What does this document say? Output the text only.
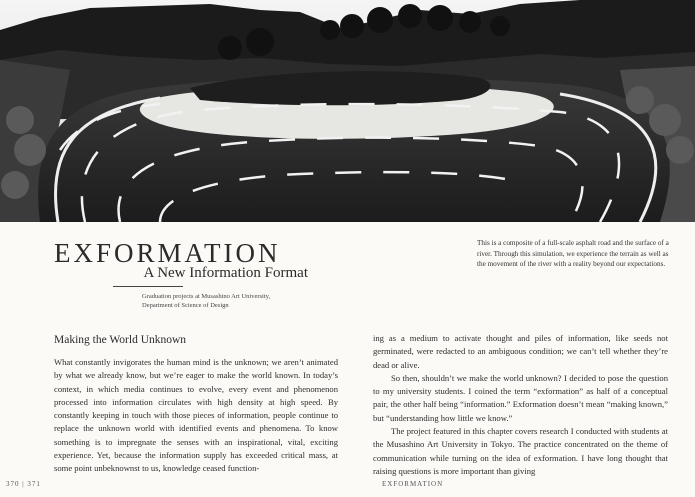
EXFORMATION
A New Information Format
Graduation projects at Musashino Art University,
Department of Science of Design
This is a composite of a full-scale asphalt road and the surface of a river. Through this simulation, we experience the terrain as well as the movement of the river with a reality beyond our expectations.
Making the World Unknown

What constantly invigorates the human mind is the unknown; we aren’t animated by what we already know, but we’re eager to make the world known. In today’s context, in which media continues to evolve, every event and phenomenon processed into information circulates with high density at high speed. By constantly keeping in touch with those pieces of information, people continue to replace the unknown world with identified events and phenomena. To know something is to impregnate the senses with an inspirational, vital, exciting experience. Yet, because the information supply has exceeded critical mass, at some point unbeknownst to us, knowledge ceased function-

ing as a medium to activate thought and piles of information, like seeds not germinated, were redacted to an ambiguous condition; we can’t tell whether they’re dead or alive.

So then, shouldn’t we make the world unknown? I decided to pose the question to my university students. I coined the term “exformation” as half of a conceptual pair, the other half being “information.” Exformation doesn’t mean “making known,” but “understanding how little we know.”

The project featured in this chapter covers research I conducted with students at the Musashino Art University in Tokyo. The practice concentrated on the theme of communication while turning on the idea of exformation. I have long thought that raising questions is more important than giving

370 | 371	EXFORMATION
